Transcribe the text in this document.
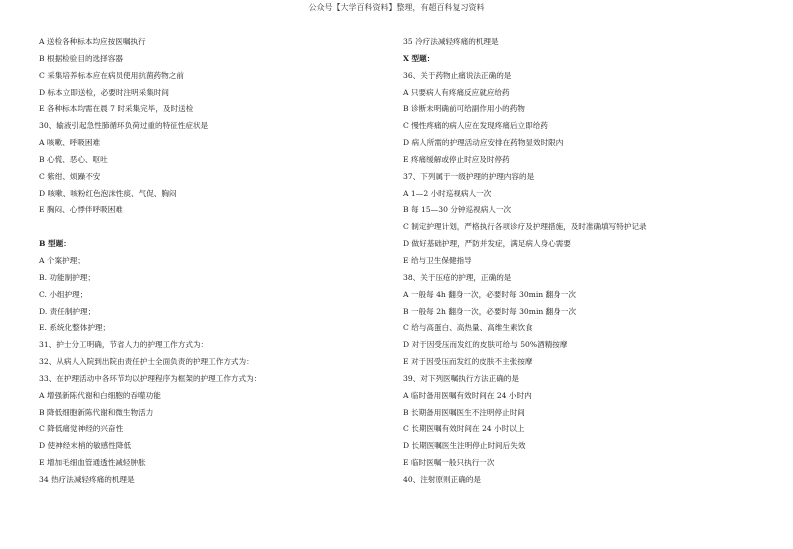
公众号【大学百科资料】整理，有超百科复习资料
A 送检各种标本均应按医嘱执行
B 根据检验目的选择容器
C 采集培养标本应在病员使用抗菌药物之前
D 标本立即送检，必要时注明采集时间
E 各种标本均需在晨 7 时采集完毕，及时送检
30、输液引起急性肺循环负荷过重的特征性症状是
A 咳嗽、呼吸困难
B 心慌、恶心、呕吐
C 紫绀、烦躁不安
D 咳嗽、咳粉红色泡沫性痰、气促、胸闷
E 胸闷、心悸伴呼吸困难
B 型题：
A 个案护理；
B. 功能制护理；
C. 小组护理；
D. 责任制护理；
E. 系统化整体护理；
31、护士分工明确，节省人力的护理工作方式为：
32、从病人入院到出院由责任护士全面负责的护理工作方式为：
33、在护理活动中各环节均以护理程序为框架的护理工作方式为：
A 增强新陈代谢和白细胞的吞噬功能
B 降低细胞新陈代谢和微生物活力
C 降低痛觉神经的兴奋性
D 使神经末梢的敏感性降低
E 增加毛细血管通透性减轻肿胀
34 热疗法减轻疼痛的机理是
35 冷疗法减轻疼痛的机理是
X 型题：
36、关于药物止痛说法正确的是
A 只要病人有疼痛反应就应给药
B 诊断未明确前可给副作用小的药物
C 慢性疼痛的病人应在发现疼痛后立即给药
D 病人所需的护理活动应安排在药物显效时限内
E 疼痛缓解或停止时应及时停药
37、下列属于一级护理的护理内容的是
A 1—2 小时巡视病人一次
B 每 15—30 分钟巡视病人一次
C 制定护理计划，严格执行各项诊疗及护理措施，及时准确填写特护记录
D 做好基础护理，严防并发症，满足病人身心需要
E 给与卫生保健指导
38、关于压疮的护理，正确的是
A 一般每 4h 翻身一次，必要时每 30min 翻身一次
B 一般每 2h 翻身一次，必要时每 30min 翻身一次
C 给与高蛋白、高热量、高维生素饮食
D 对于因受压而发红的皮肤可给与 50%酒精按摩
E 对于因受压而发红的皮肤不主张按摩
39、对下列医嘱执行方法正确的是
A 临时备用医嘱有效时间在 24 小时内
B 长期备用医嘱医生不注明停止时间
C 长期医嘱有效时间在 24 小时以上
D 长期医嘱医生注明停止时间后失效
E 临时医嘱一般只执行一次
40、注射原则正确的是
